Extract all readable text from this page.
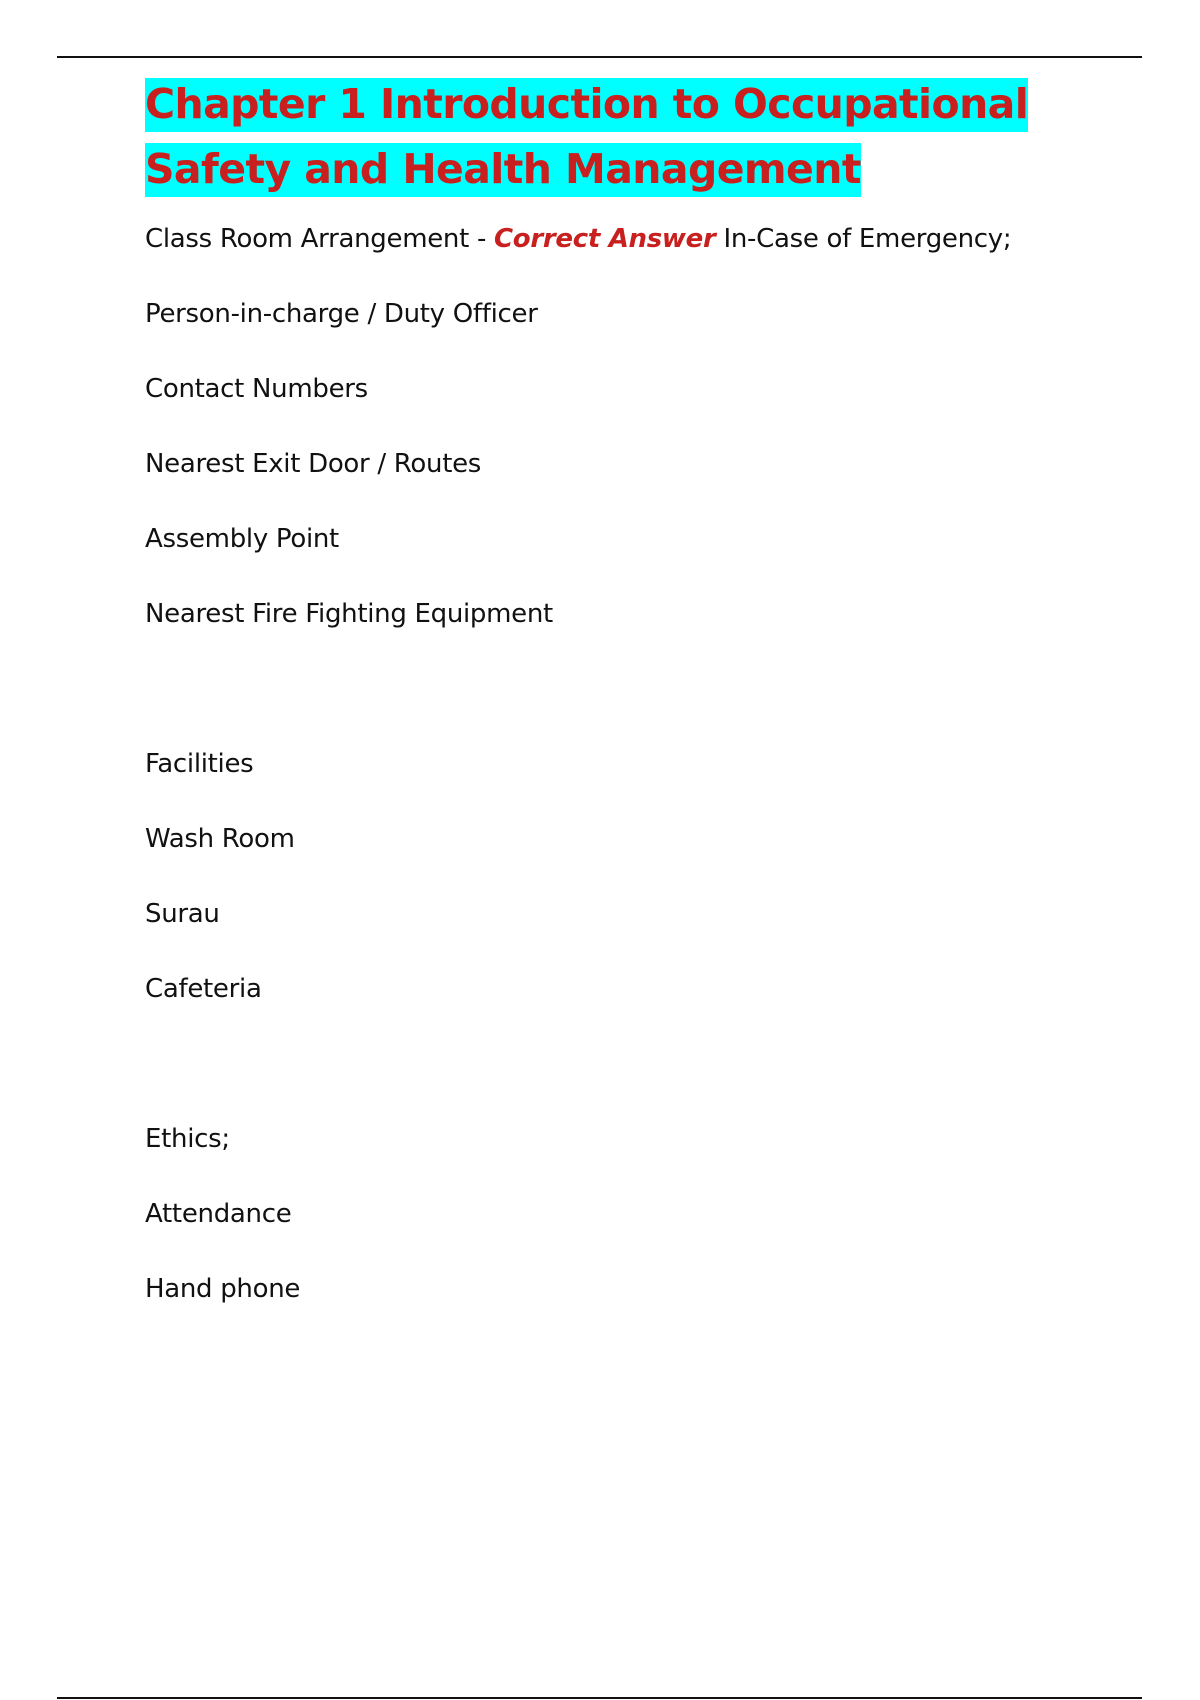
Chapter 1 Introduction to Occupational
Safety and Health Management
Class Room Arrangement - Correct Answer In-Case of Emergency;
Person-in-charge / Duty Officer
Contact Numbers
Nearest Exit Door / Routes
Assembly Point
Nearest Fire Fighting Equipment
Facilities
Wash Room
Surau
Cafeteria
Ethics;
Attendance
Hand phone
